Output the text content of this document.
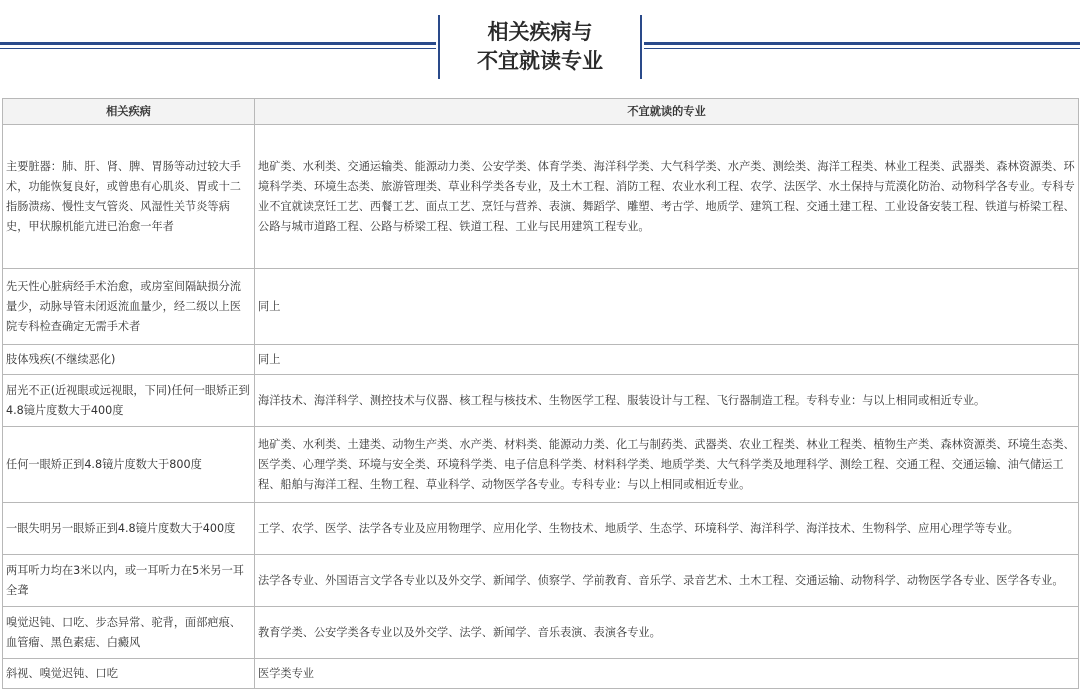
相关疾病与
不宜就读专业
相关疾病	不宜就读的专业
主要脏器：肺、肝、肾、脾、胃肠等动过较大手术，功能恢复良好，或曾患有心肌炎、胃或十二指肠溃疡、慢性支气管炎、风湿性关节炎等病史，甲状腺机能亢进已治愈一年者	地矿类、水利类、交通运输类、能源动力类、公安学类、体育学类、海洋科学类、大气科学类、水产类、测绘类、海洋工程类、林业工程类、武器类、森林资源类、环境科学类、环境生态类、旅游管理类、草业科学类各专业，及土木工程、消防工程、农业水利工程、农学、法医学、水土保持与荒漠化防治、动物科学各专业。专科专业不宜就读烹饪工艺、西餐工艺、面点工艺、烹饪与营养、表演、舞蹈学、雕塑、考古学、地质学、建筑工程、交通土建工程、工业设备安装工程、铁道与桥梁工程、公路与城市道路工程、公路与桥梁工程、铁道工程、工业与民用建筑工程专业。
先天性心脏病经手术治愈，或房室间隔缺损分流量少，动脉导管未闭返流血量少，经二级以上医院专科检查确定无需手术者	同上
肢体残疾(不继续恶化)	同上
屈光不正(近视眼或远视眼，下同)任何一眼矫正到4.8镜片度数大于400度	海洋技术、海洋科学、测控技术与仪器、核工程与核技术、生物医学工程、服装设计与工程、飞行器制造工程。专科专业：与以上相同或相近专业。
任何一眼矫正到4.8镜片度数大于800度	地矿类、水利类、土建类、动物生产类、水产类、材料类、能源动力类、化工与制药类、武器类、农业工程类、林业工程类、植物生产类、森林资源类、环境生态类、医学类、心理学类、环境与安全类、环境科学类、电子信息科学类、材料科学类、地质学类、大气科学类及地理科学、测绘工程、交通工程、交通运输、油气储运工程、船舶与海洋工程、生物工程、草业科学、动物医学各专业。专科专业：与以上相同或相近专业。
一眼失明另一眼矫正到4.8镜片度数大于400度	工学、农学、医学、法学各专业及应用物理学、应用化学、生物技术、地质学、生态学、环境科学、海洋科学、海洋技术、生物科学、应用心理学等专业。
两耳听力均在3米以内，或一耳听力在5米另一耳全聋	法学各专业、外国语言文学各专业以及外交学、新闻学、侦察学、学前教育、音乐学、录音艺术、土木工程、交通运输、动物科学、动物医学各专业、医学各专业。
嗅觉迟钝、口吃、步态异常、驼背，面部疤痕、血管瘤、黑色素痣、白癜风	教育学类、公安学类各专业以及外交学、法学、新闻学、音乐表演、表演各专业。
斜视、嗅觉迟钝、口吃	医学类专业
